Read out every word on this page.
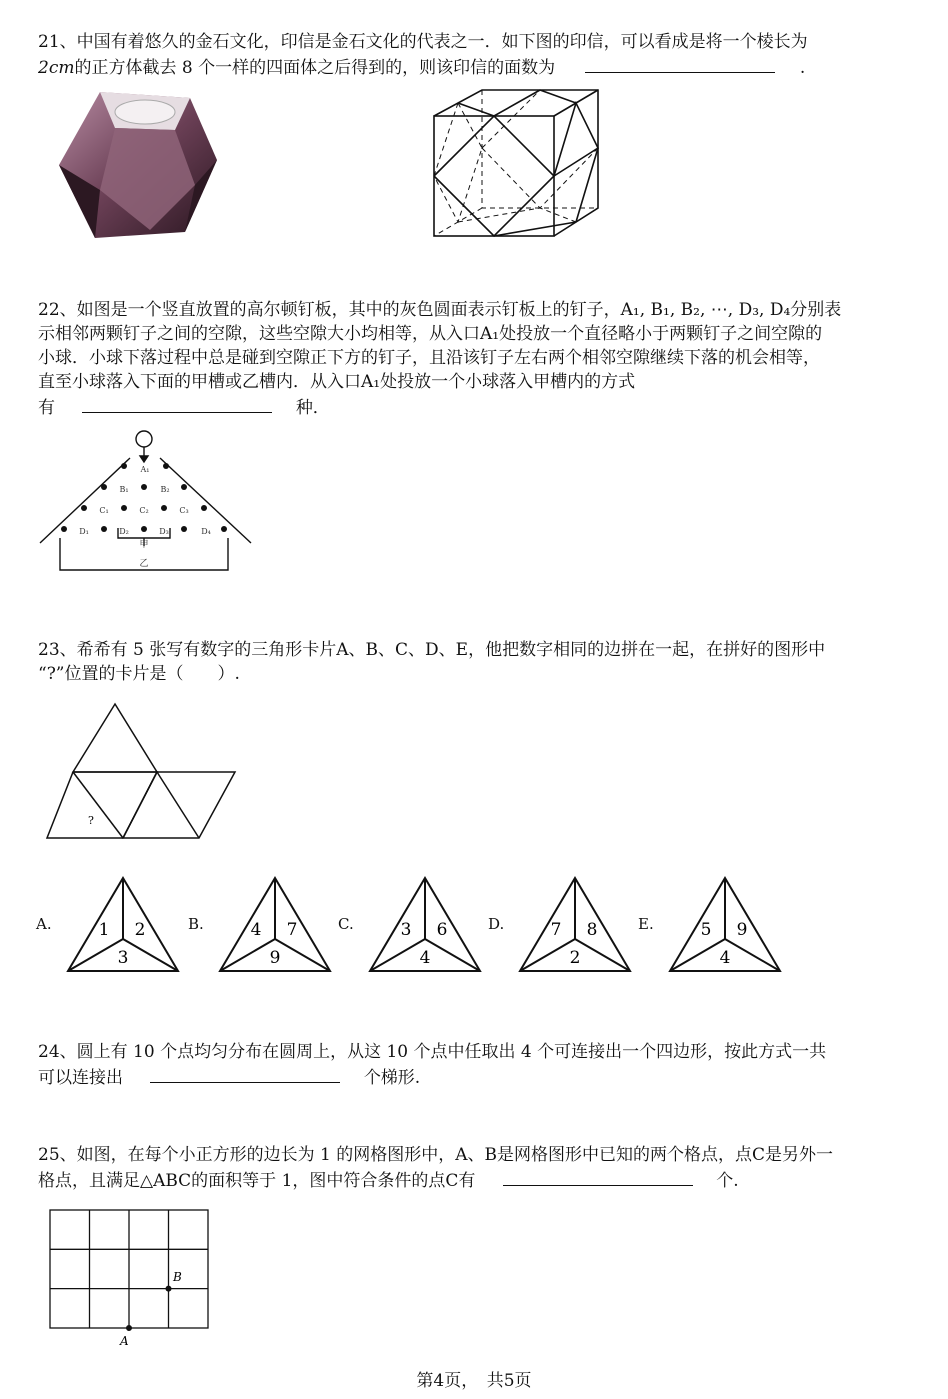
21、中国有着悠久的金石文化，印信是金石文化的代表之一．如下图的印信，可以看成是将一个棱长为

2cm的正方体截去 8 个一样的四面体之后得到的，则该印信的面数为	.

22、如图是一个竖直放置的高尔顿钉板，其中的灰色圆面表示钉板上的钉子，A₁, B₁, B₂, ⋯, D₃, D₄分别表

示相邻两颗钉子之间的空隙，这些空隙大小均相等，从入口A₁处投放一个直径略小于两颗钉子之间空隙的

小球．小球下落过程中总是碰到空隙正下方的钉子，且沿该钉子左右两个相邻空隙继续下落的机会相等，

直至小球落入下面的甲槽或乙槽内．从入口A₁处投放一个小球落入甲槽内的方式

有	种．

A₁
B₁	B₂
C₁	C₂	C₃
D₁	D₂	D₃	D₄
甲
乙

23、希希有 5 张写有数字的三角形卡片A、B、C、D、E，他把数字相同的边拼在一起，在拼好的图形中

“?”位置的卡片是（　　）.

?
A.	1 2
3
B.	4 7
9
C.	3 6
4
D.	7 8
2
E.	5 9
4

24、圆上有 10 个点均匀分布在圆周上，从这 10 个点中任取出 4 个可连接出一个四边形，按此方式一共

可以连接出	个梯形.

25、如图，在每个小正方形的边长为 1 的网格图形中，A、B是网格图形中已知的两个格点，点C是另外一

格点，且满足△ABC的面积等于 1，图中符合条件的点C有	个.

B
A
第4页，　共5页
